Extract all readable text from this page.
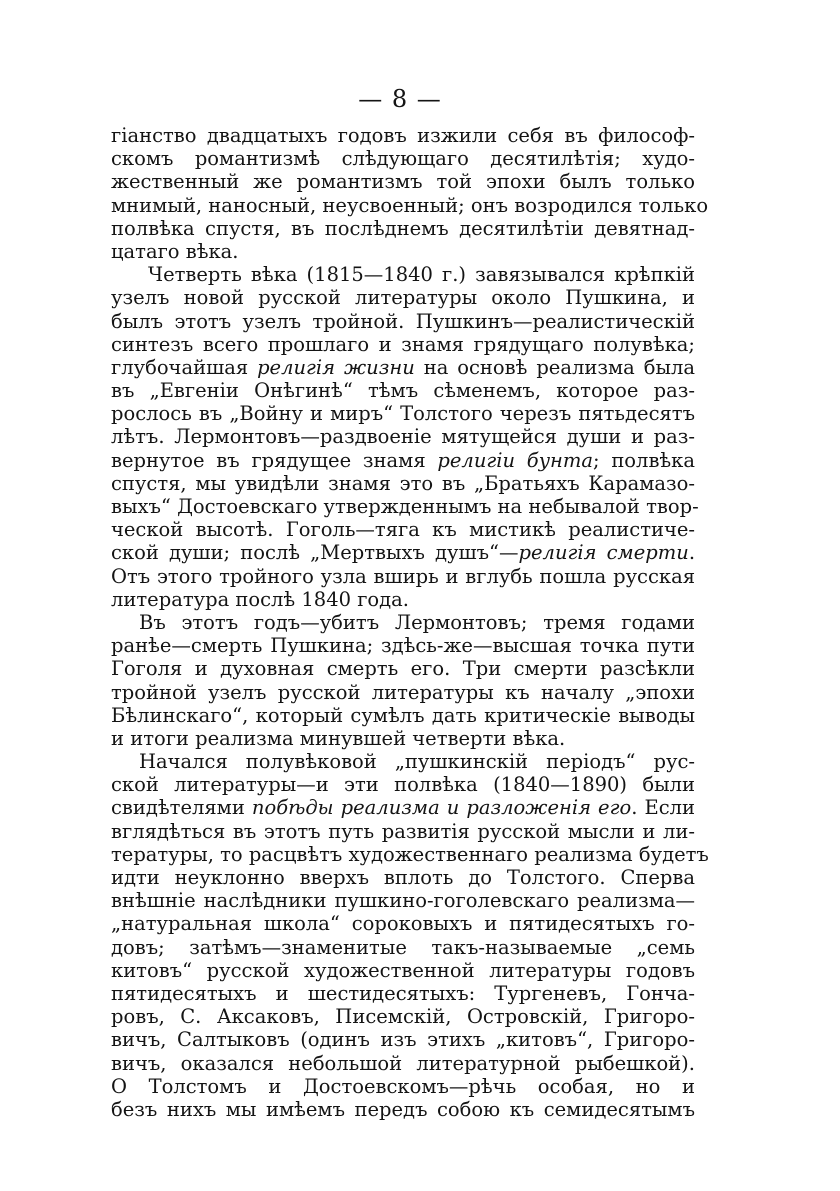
— 8 —
гіанство двадцатыхъ годовъ изжили себя въ философ-
скомъ романтизмѣ слѣдующаго десятилѣтія; худо-
жественный же романтизмъ той эпохи былъ только
мнимый, наносный, неусвоенный; онъ возродился только
полвѣка спустя, въ послѣднемъ десятилѣтіи девятнад-
цатаго вѣка.
Четверть вѣка (1815—1840 г.) завязывался крѣпкій
узелъ новой русской литературы около Пушкина, и
былъ этотъ узелъ тройной. Пушкинъ—реалистическій
синтезъ всего прошлаго и знамя грядущаго полувѣка;
глубочайшая религія жизни на основѣ реализма была
въ „Евгеніи Онѣгинѣ“ тѣмъ сѣменемъ, которое раз-
рослось въ „Войну и миръ“ Толстого черезъ пятьдесятъ
лѣтъ. Лермонтовъ—раздвоеніе мятущейся души и раз-
вернутое въ грядущее знамя религіи бунта; полвѣка
спустя, мы увидѣли знамя это въ „Братьяхъ Карамазо-
выхъ“ Достоевскаго утвержденнымъ на небывалой твор-
ческой высотѣ. Гоголь—тяга къ мистикѣ реалистиче-
ской души; послѣ „Мертвыхъ душъ“—религія смерти.
Отъ этого тройного узла вширь и вглубь пошла русская
литература послѣ 1840 года.
Въ этотъ годъ—убитъ Лермонтовъ; тремя годами
ранѣе—смерть Пушкина; здѣсь-же—высшая точка пути
Гоголя и духовная смерть его. Три смерти разсѣкли
тройной узелъ русской литературы къ началу „эпохи
Бѣлинскаго“, который сумѣлъ дать критическіе выводы
и итоги реализма минувшей четверти вѣка.
Начался полувѣковой „пушкинскій періодъ“ рус-
ской литературы—и эти полвѣка (1840—1890) были
свидѣтелями побѣды реализма и разложенія его. Если
вглядѣться въ этотъ путь развитія русской мысли и ли-
тературы, то расцвѣтъ художественнаго реализма будетъ
идти неуклонно вверхъ вплоть до Толстого. Сперва
внѣшніе наслѣдники пушкино-гоголевскаго реализма—
„натуральная школа“ сороковыхъ и пятидесятыхъ го-
довъ; затѣмъ—знаменитые такъ-называемые „семь
китовъ“ русской художественной литературы годовъ
пятидесятыхъ и шестидесятыхъ: Тургеневъ, Гонча-
ровъ, С. Аксаковъ, Писемскій, Островскій, Григоро-
вичъ, Салтыковъ (одинъ изъ этихъ „китовъ“, Григоро-
вичъ, оказался небольшой литературной рыбешкой).
О Толстомъ и Достоевскомъ—рѣчь особая, но и
безъ нихъ мы имѣемъ передъ собою къ семидесятымъ
